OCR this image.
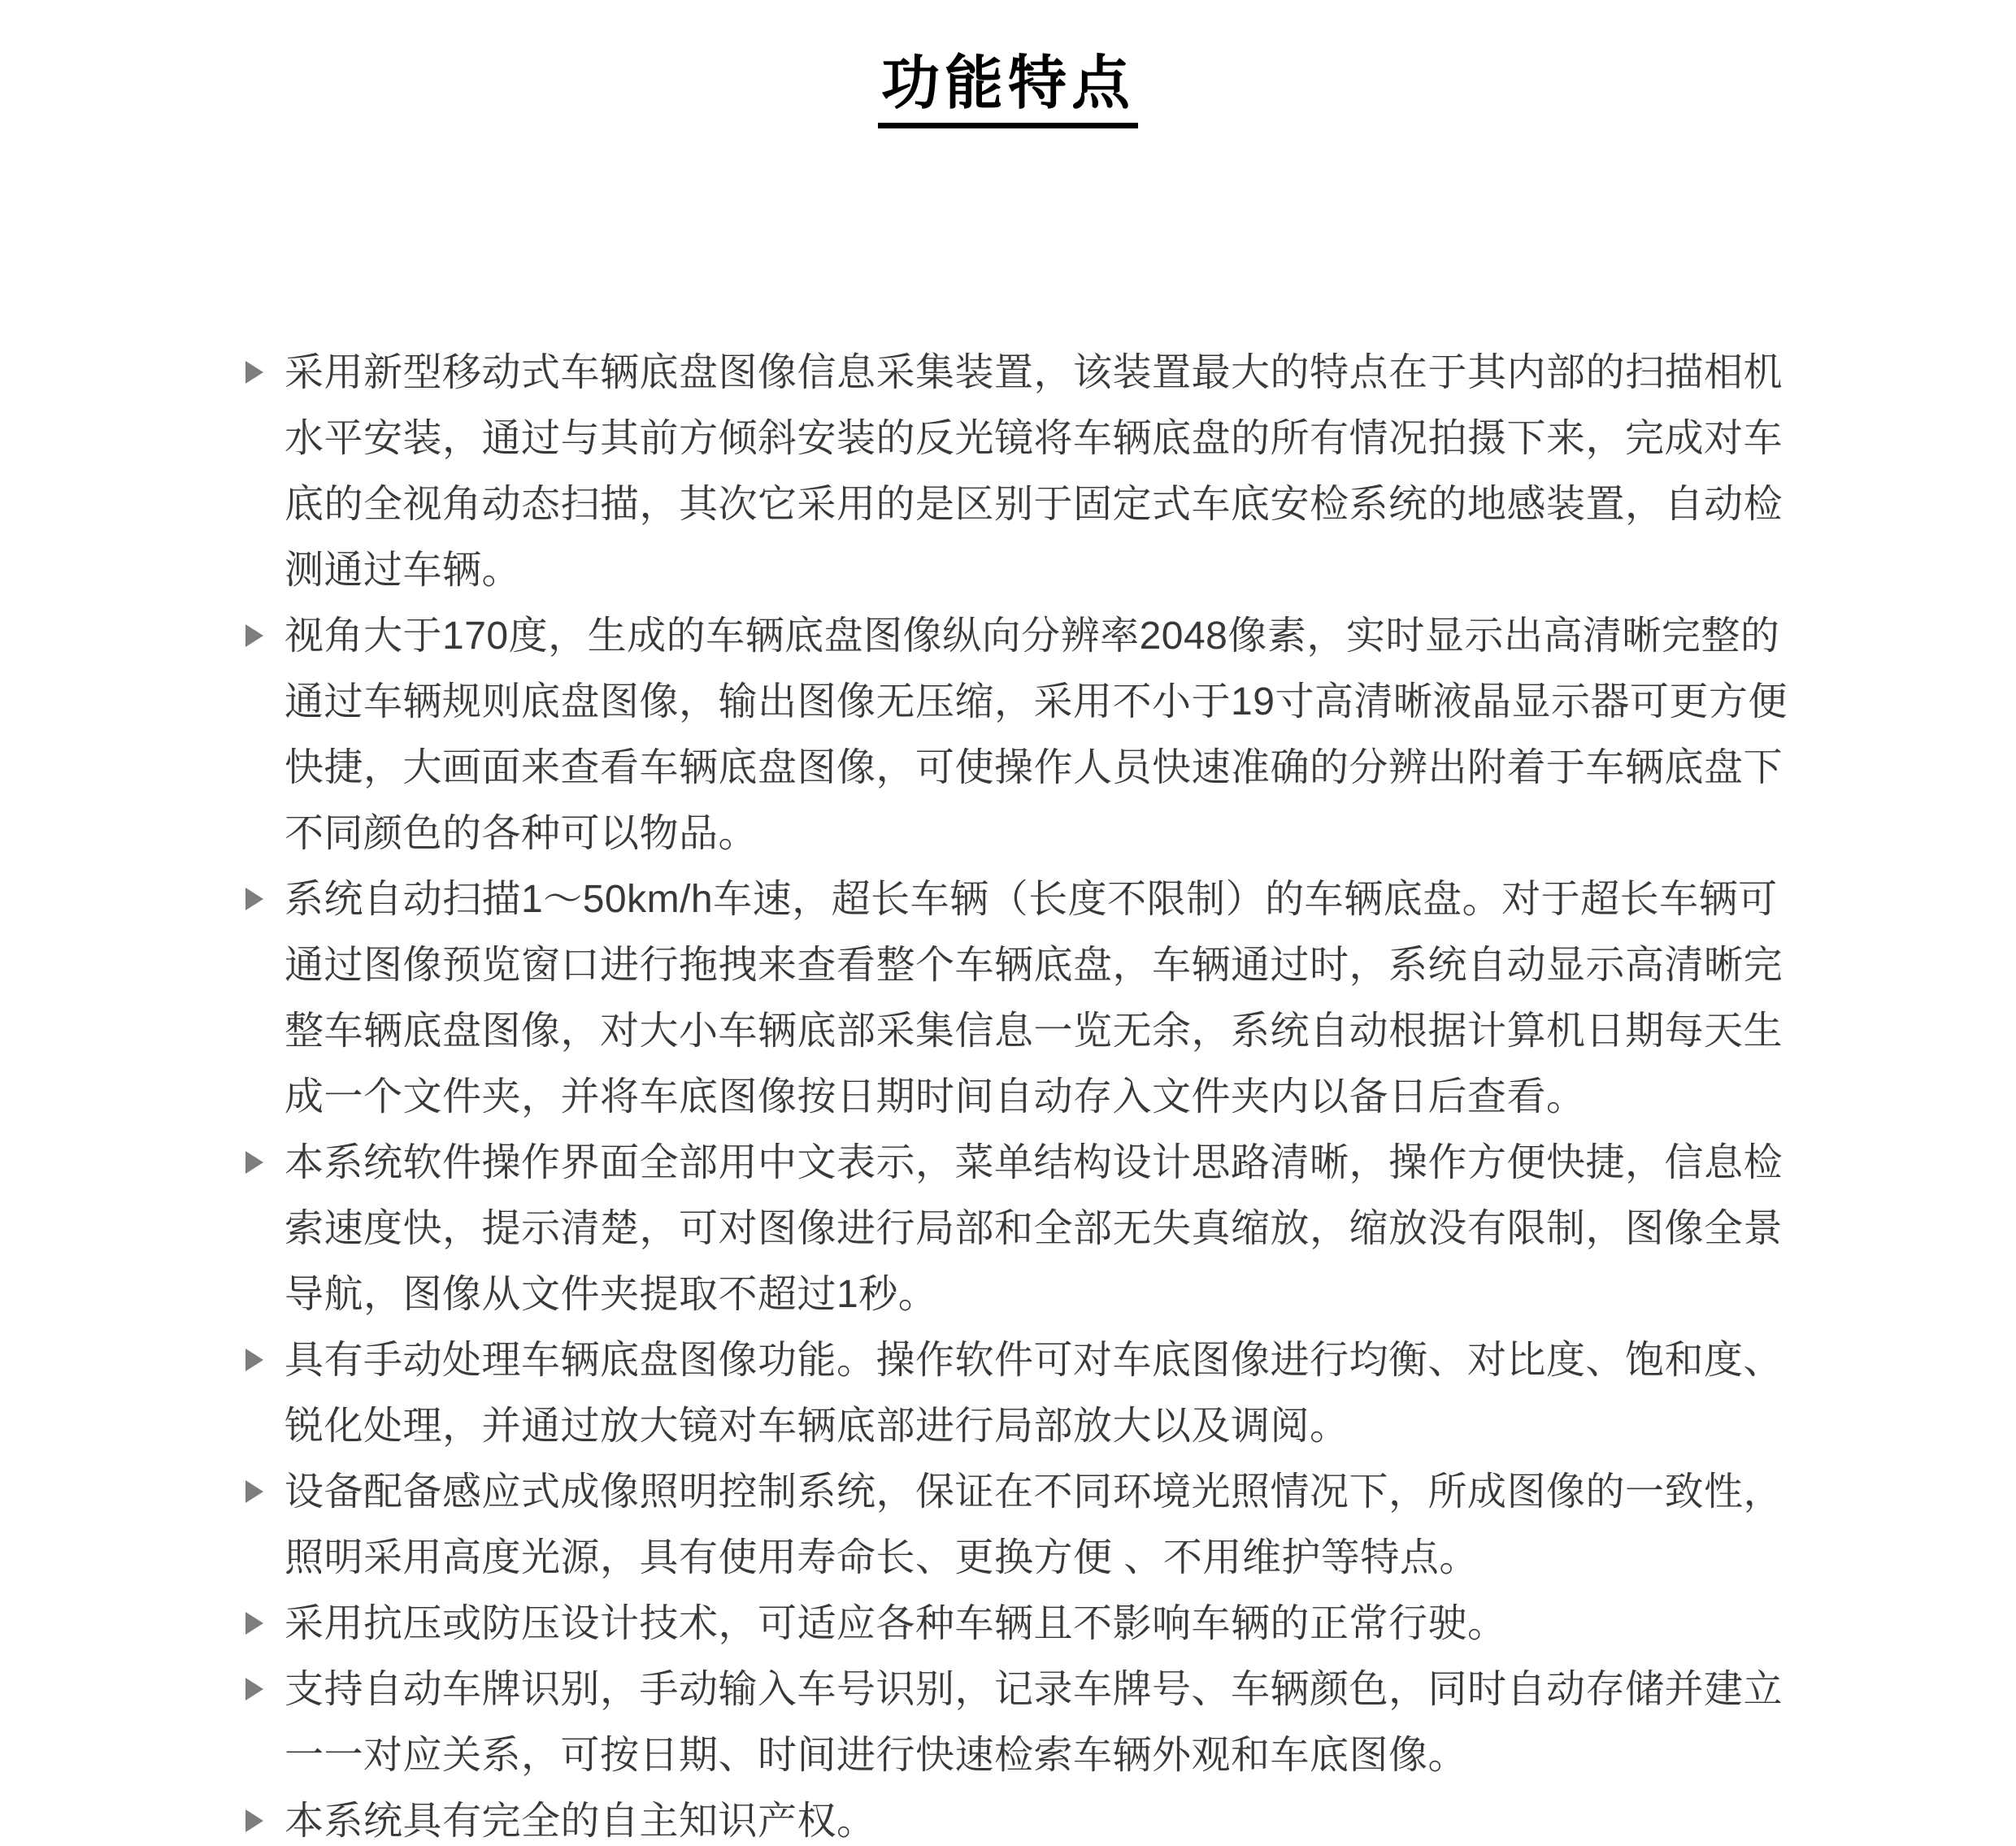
功能特点
采用新型移动式车辆底盘图像信息采集装置，该装置最大的特点在于其内部的扫描相机水平安装，通过与其前方倾斜安装的反光镜将车辆底盘的所有情况拍摄下来，完成对车底的全视角动态扫描，其次它采用的是区别于固定式车底安检系统的地感装置，自动检测通过车辆。
视角大于170度，生成的车辆底盘图像纵向分辨率2048像素，实时显示出高清晰完整的通过车辆规则底盘图像，输出图像无压缩，采用不小于19寸高清晰液晶显示器可更方便快捷，大画面来查看车辆底盘图像，可使操作人员快速准确的分辨出附着于车辆底盘下不同颜色的各种可以物品。
系统自动扫描1～50km/h车速，超长车辆（长度不限制）的车辆底盘。对于超长车辆可通过图像预览窗口进行拖拽来查看整个车辆底盘，车辆通过时，系统自动显示高清晰完整车辆底盘图像，对大小车辆底部采集信息一览无余，系统自动根据计算机日期每天生成一个文件夹，并将车底图像按日期时间自动存入文件夹内以备日后查看。
本系统软件操作界面全部用中文表示，菜单结构设计思路清晰，操作方便快捷，信息检索速度快，提示清楚，可对图像进行局部和全部无失真缩放，缩放没有限制，图像全景导航，图像从文件夹提取不超过1秒。
具有手动处理车辆底盘图像功能。操作软件可对车底图像进行均衡、对比度、饱和度、锐化处理，并通过放大镜对车辆底部进行局部放大以及调阅。
设备配备感应式成像照明控制系统，保证在不同环境光照情况下，所成图像的一致性，照明采用高度光源，具有使用寿命长、更换方便 、不用维护等特点。
采用抗压或防压设计技术，可适应各种车辆且不影响车辆的正常行驶。
支持自动车牌识别，手动输入车号识别，记录车牌号、车辆颜色，同时自动存储并建立一一对应关系，可按日期、时间进行快速检索车辆外观和车底图像。
本系统具有完全的自主知识产权。
